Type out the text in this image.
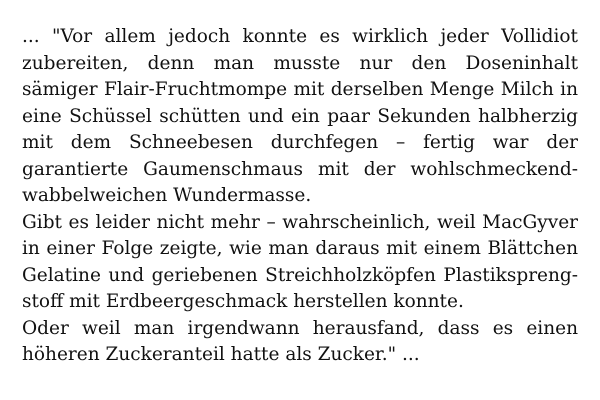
... "Vor allem jedoch konnte es wirklich jeder Vollidiot
zubereiten, denn man musste nur den Doseninhalt
sämiger Flair-Fruchtmompe mit derselben Menge Milch in
eine Schüssel schütten und ein paar Sekunden halbherzig
mit dem Schneebesen durchfegen – fertig war der
garantierte Gaumenschmaus mit der wohlschmeckend-
wabbelweichen Wundermasse.
Gibt es leider nicht mehr – wahrscheinlich, weil MacGyver
in einer Folge zeigte, wie man daraus mit einem Blättchen
Gelatine und geriebenen Streichholzköpfen Plastikspreng-
stoff mit Erdbeergeschmack herstellen konnte.
Oder weil man irgendwann herausfand, dass es einen
höheren Zuckeranteil hatte als Zucker." ...
